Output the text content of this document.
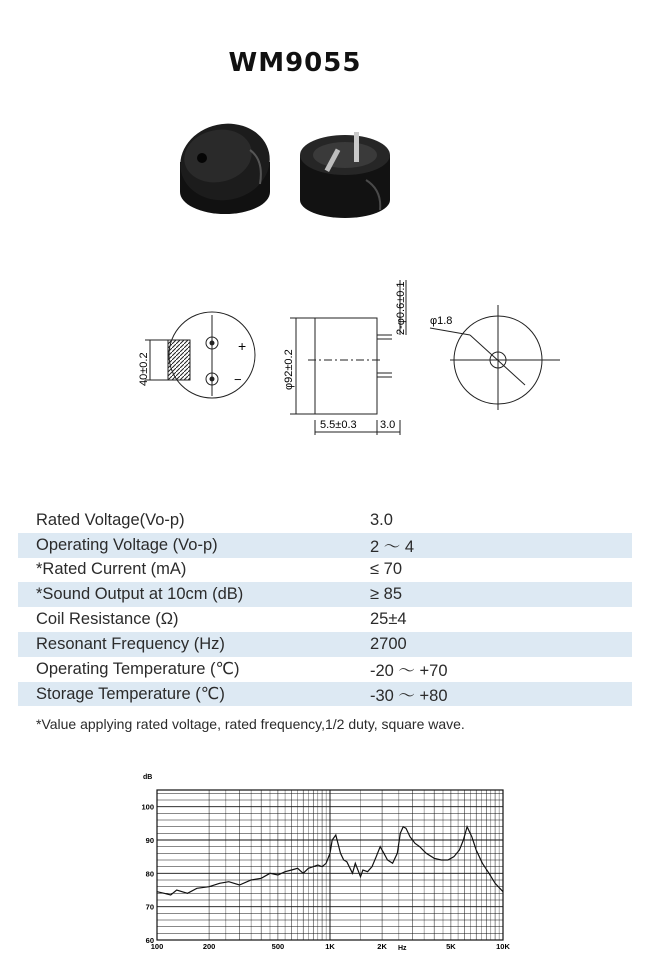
WM9055
+
−
40±0.2	φ92±0.2
2-φ0.6±0.1
5.5±0.3 3.0
φ1.8
Rated Voltage(Vo-p)	3.0
Operating Voltage (Vo-p)	2 ～ 4
*Rated Current (mA)	≤ 70
*Sound Output at 10cm (dB)	≥ 85
Coil Resistance (Ω)	25±4
Resonant Frequency (Hz)	2700
Operating Temperature (℃)	-20 ～ +70
Storage Temperature (℃)	-30 ～ +80
*Value applying rated voltage, rated frequency,1/2 duty, square wave.
60
70
80
90
100
100	200	500	1K	2K	5K	10K
dB
Hz
